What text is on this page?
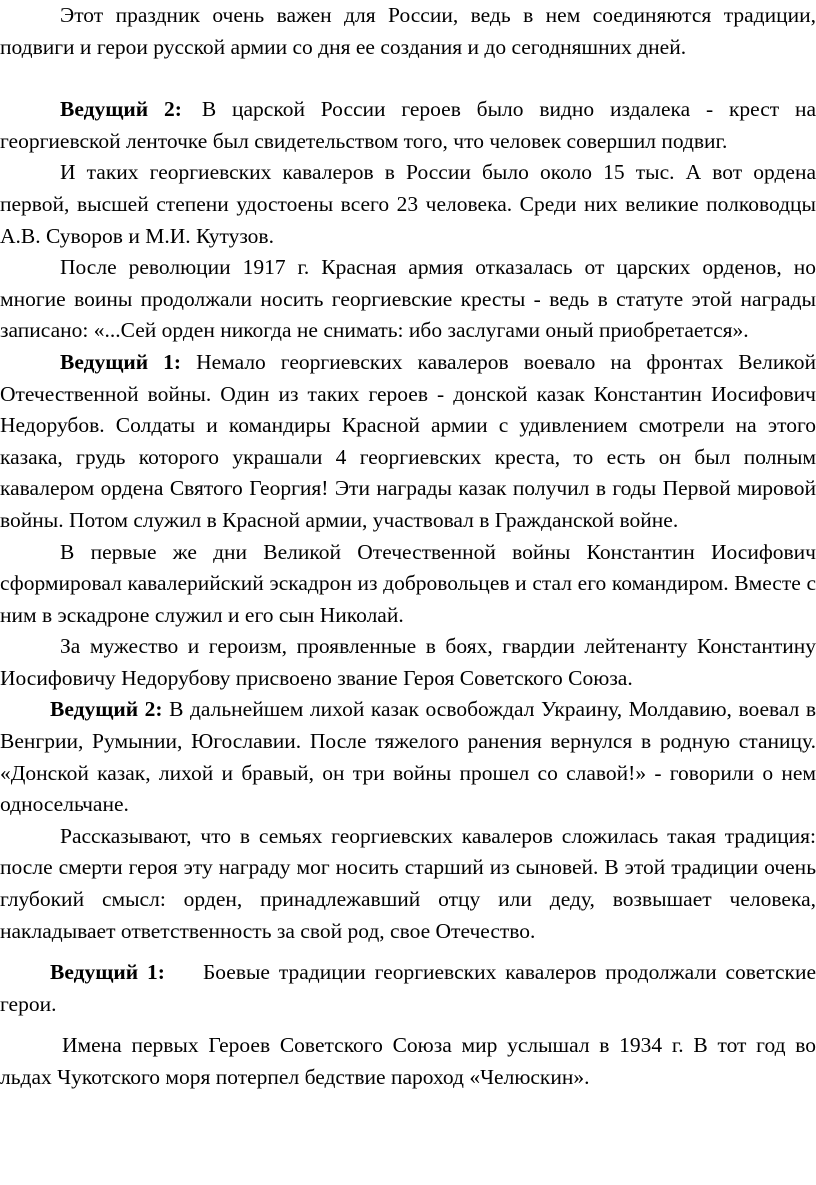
Этот праздник очень важен для России, ведь в нем соединяются традиции, подвиги и герои русской армии со дня ее создания и до сегодняшних дней.

Ведущий 2: В царской России героев было видно издалека - крест на георгиевской ленточке был свидетельством того, что человек совершил подвиг.

И таких георгиевских кавалеров в России было около 15 тыс. А вот ордена первой, высшей степени удостоены всего 23 человека. Среди них великие полководцы А.В. Суворов и М.И. Кутузов.

После революции 1917 г. Красная армия отказалась от царских орденов, но многие воины продолжали носить георгиевские кресты - ведь в статуте этой награды записано: «...Сей орден никогда не снимать: ибо заслугами оный приобретается».

Ведущий 1: Немало георгиевских кавалеров воевало на фронтах Великой Отечественной войны. Один из таких героев - донской казак Константин Иосифович Недорубов. Солдаты и командиры Красной армии с удивлением смотрели на этого казака, грудь которого украшали 4 георгиевских креста, то есть он был полным кавалером ордена Святого Георгия! Эти награды казак получил в годы Первой мировой войны. Потом служил в Красной армии, участвовал в Гражданской войне.

В первые же дни Великой Отечественной войны Константин Иосифович сформировал кавалерийский эскадрон из добровольцев и стал его командиром. Вместе с ним в эскадроне служил и его сын Николай.

За мужество и героизм, проявленные в боях, гвардии лейтенанту Константину Иосифовичу Недорубову присвоено звание Героя Советского Союза.

Ведущий 2: В дальнейшем лихой казак освобождал Украину, Молдавию, воевал в Венгрии, Румынии, Югославии. После тяжелого ранения вернулся в родную станицу. «Донской казак, лихой и бравый, он три войны прошел со славой!» - говорили о нем односельчане.

Рассказывают, что в семьях георгиевских кавалеров сложилась такая традиция: после смерти героя эту награду мог носить старший из сыновей. В этой традиции очень глубокий смысл: орден, принадлежавший отцу или деду, возвышает человека, накладывает ответственность за свой род, свое Отечество.

Ведущий 1: Боевые традиции георгиевских кавалеров продолжали советские герои.

Имена первых Героев Советского Союза мир услышал в 1934 г. В тот год во льдах Чукотского моря потерпел бедствие пароход «Челюскин».
